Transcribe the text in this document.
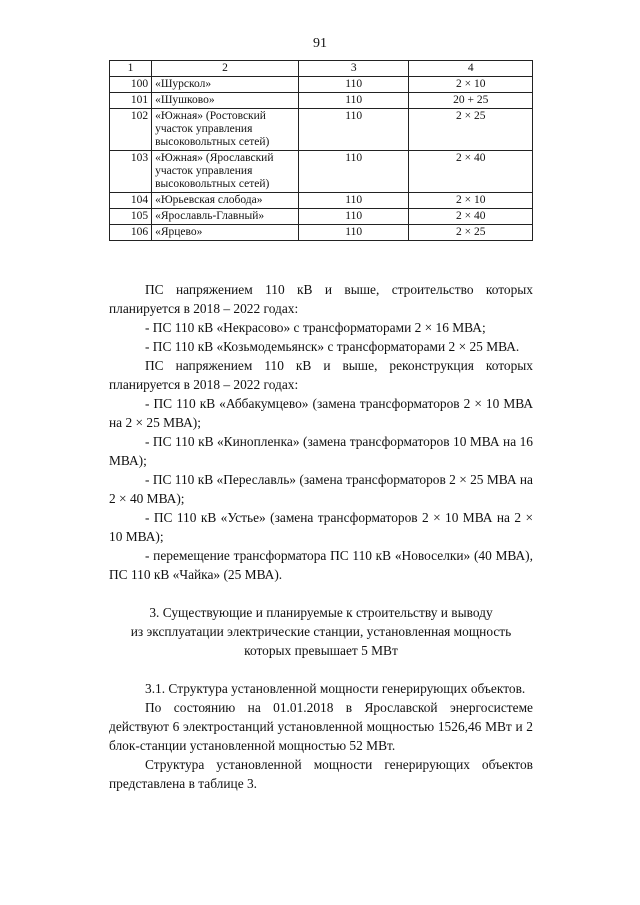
91
1	2	3	4
100	«Шурскол»	110	2 × 10
101	«Шушково»	110	20 + 25
102	«Южная» (Ростовский участок управления высоковольтных сетей)	110	2 × 25
103	«Южная» (Ярославский участок управления высоковольтных сетей)	110	2 × 40
104	«Юрьевская слобода»	110	2 × 10
105	«Ярославль-Главный»	110	2 × 40
106	«Ярцево»	110	2 × 25

ПС напряжением 110 кВ и выше, строительство которых планируется в 2018 – 2022 годах:

- ПС 110 кВ «Некрасово» с трансформаторами 2 × 16 МВА;

- ПС 110 кВ «Козьмодемьянск» с трансформаторами 2 × 25 МВА.

ПС напряжением 110 кВ и выше, реконструкция которых планируется в 2018 – 2022 годах:

- ПС 110 кВ «Аббакумцево» (замена трансформаторов 2 × 10 МВА на 2 × 25 МВА);

- ПС 110 кВ «Кинопленка» (замена трансформаторов 10 МВА на 16 МВА);

- ПС 110 кВ «Переславль» (замена трансформаторов 2 × 25 МВА на 2 × 40 МВА);

- ПС 110 кВ «Устье» (замена трансформаторов 2 × 10 МВА на 2 × 10 МВА);

- перемещение трансформатора ПС 110 кВ «Новоселки» (40 МВА), ПС 110 кВ «Чайка» (25 МВА).

3. Существующие и планируемые к строительству и выводу
из эксплуатации электрические станции, установленная мощность
которых превышает 5 МВт

3.1. Структура установленной мощности генерирующих объектов.

По состоянию на 01.01.2018 в Ярославской энергосистеме действуют 6 электростанций установленной мощностью 1526,46 МВт и 2 блок-станции установленной мощностью 52 МВт.

Структура установленной мощности генерирующих объектов представлена в таблице 3.
